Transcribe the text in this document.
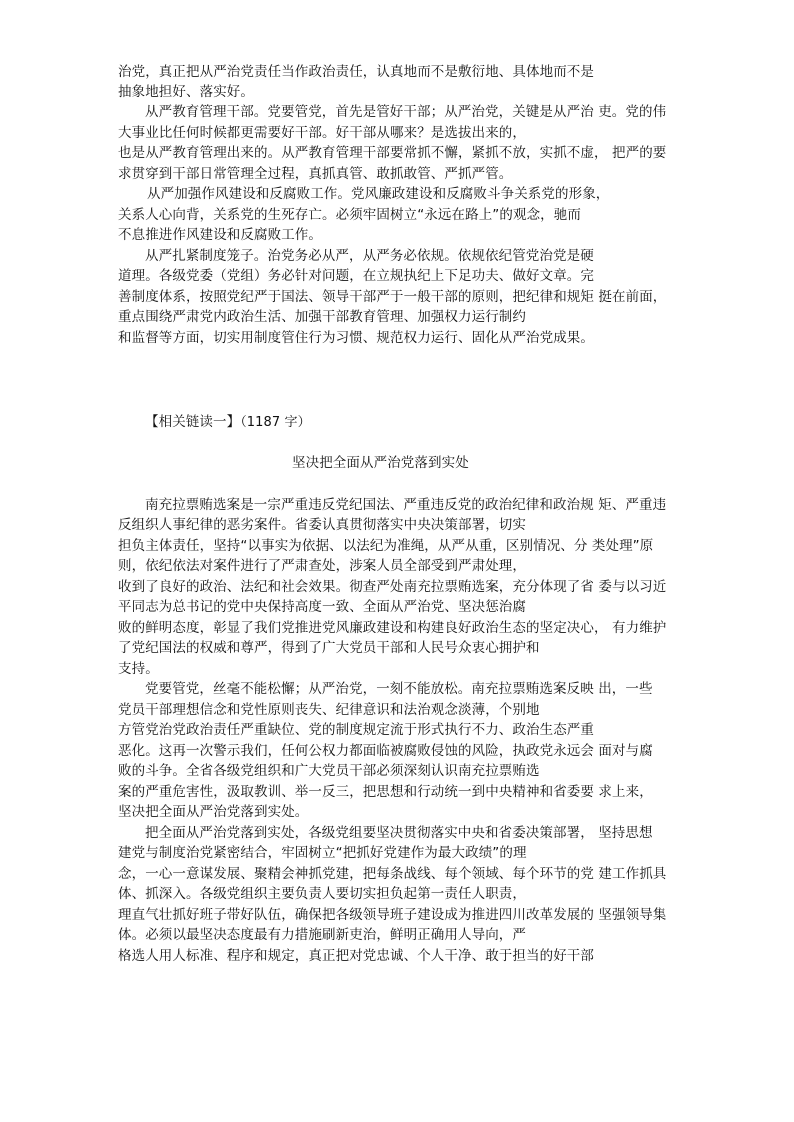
治党，真正把从严治党责任当作政治责任，认真地而不是敷衍地、具体地而不是
抽象地担好、落实好。
从严教育管理干部。党要管党，首先是管好干部；从严治党，关键是从严治 吏。党的伟
大事业比任何时候都更需要好干部。好干部从哪来？是选拔出来的，
也是从严教育管理出来的。从严教育管理干部要常抓不懈，紧抓不放，实抓不虚， 把严的要
求贯穿到干部日常管理全过程，真抓真管、敢抓敢管、严抓严管。
从严加强作风建设和反腐败工作。党风廉政建设和反腐败斗争关系党的形象，
关系人心向背，关系党的生死存亡。必须牢固树立“永远在路上”的观念，驰而
不息推进作风建设和反腐败工作。
从严扎紧制度笼子。治党务必从严，从严务必依规。依规依纪管党治党是硬
道理。各级党委（党组）务必针对问题，在立规执纪上下足功夫、做好文章。完
善制度体系，按照党纪严于国法、领导干部严于一般干部的原则，把纪律和规矩 挺在前面，
重点围绕严肃党内政治生活、加强干部教育管理、加强权力运行制约
和监督等方面，切实用制度管住行为习惯、规范权力运行、固化从严治党成果。
【相关链读一】（1187 字）
坚决把全面从严治党落到实处
南充拉票贿选案是一宗严重违反党纪国法、严重违反党的政治纪律和政治规 矩、严重违
反组织人事纪律的恶劣案件。省委认真贯彻落实中央决策部署，切实
担负主体责任，坚持“以事实为依据、以法纪为准绳，从严从重，区别情况、分 类处理”原
则，依纪依法对案件进行了严肃查处，涉案人员全部受到严肃处理，
收到了良好的政治、法纪和社会效果。彻查严处南充拉票贿选案，充分体现了省 委与以习近
平同志为总书记的党中央保持高度一致、全面从严治党、坚决惩治腐
败的鲜明态度，彰显了我们党推进党风廉政建设和构建良好政治生态的坚定决心， 有力维护
了党纪国法的权威和尊严，得到了广大党员干部和人民号众衷心拥护和
支持。
党要管党，丝毫不能松懈；从严治党，一刻不能放松。南充拉票贿选案反映 出，一些
党员干部理想信念和党性原则丧失、纪律意识和法治观念淡薄，个别地
方管党治党政治责任严重缺位、党的制度规定流于形式执行不力、政治生态严重
恶化。这再一次警示我们，任何公权力都面临被腐败侵蚀的风险，执政党永远会 面对与腐
败的斗争。全省各级党组织和广大党员干部必须深刻认识南充拉票贿选
案的严重危害性，汲取教训、举一反三，把思想和行动统一到中央精神和省委要 求上来，
坚决把全面从严治党落到实处。
把全面从严治党落到实处，各级党组要坚决贯彻落实中央和省委决策部署， 坚持思想
建党与制度治党紧密结合，牢固树立“把抓好党建作为最大政绩”的理
念，一心一意谋发展、聚精会神抓党建，把每条战线、每个领域、每个环节的党 建工作抓具
体、抓深入。各级党组织主要负责人要切实担负起第一责任人职责，
理直气壮抓好班子带好队伍，确保把各级领导班子建设成为推进四川改革发展的 坚强领导集
体。必须以最坚决态度最有力措施刷新吏治，鲜明正确用人导向，严
格选人用人标准、程序和规定，真正把对党忠诚、个人干净、敢于担当的好干部
